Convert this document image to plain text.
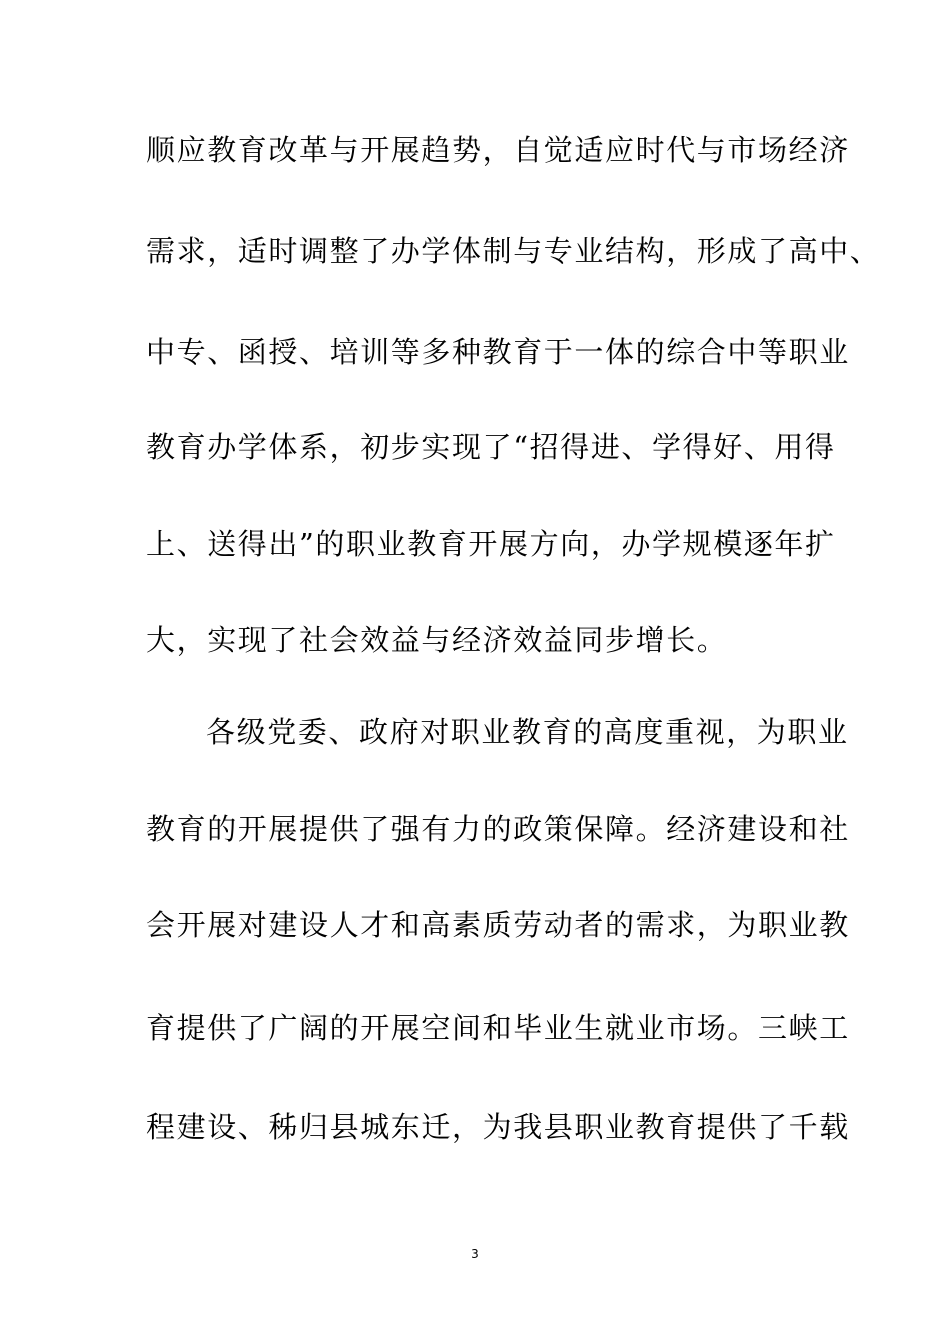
顺应教育改革与开展趋势，自觉适应时代与市场经济
需求，适时调整了办学体制与专业结构，形成了高中、
中专、函授、培训等多种教育于一体的综合中等职业
教育办学体系，初步实现了“招得进、学得好、用得
上、送得出”的职业教育开展方向，办学规模逐年扩
大，实现了社会效益与经济效益同步增长。
各级党委、政府对职业教育的高度重视，为职业
教育的开展提供了强有力的政策保障。经济建设和社
会开展对建设人才和高素质劳动者的需求，为职业教
育提供了广阔的开展空间和毕业生就业市场。三峡工
程建设、秭归县城东迁，为我县职业教育提供了千载
3
